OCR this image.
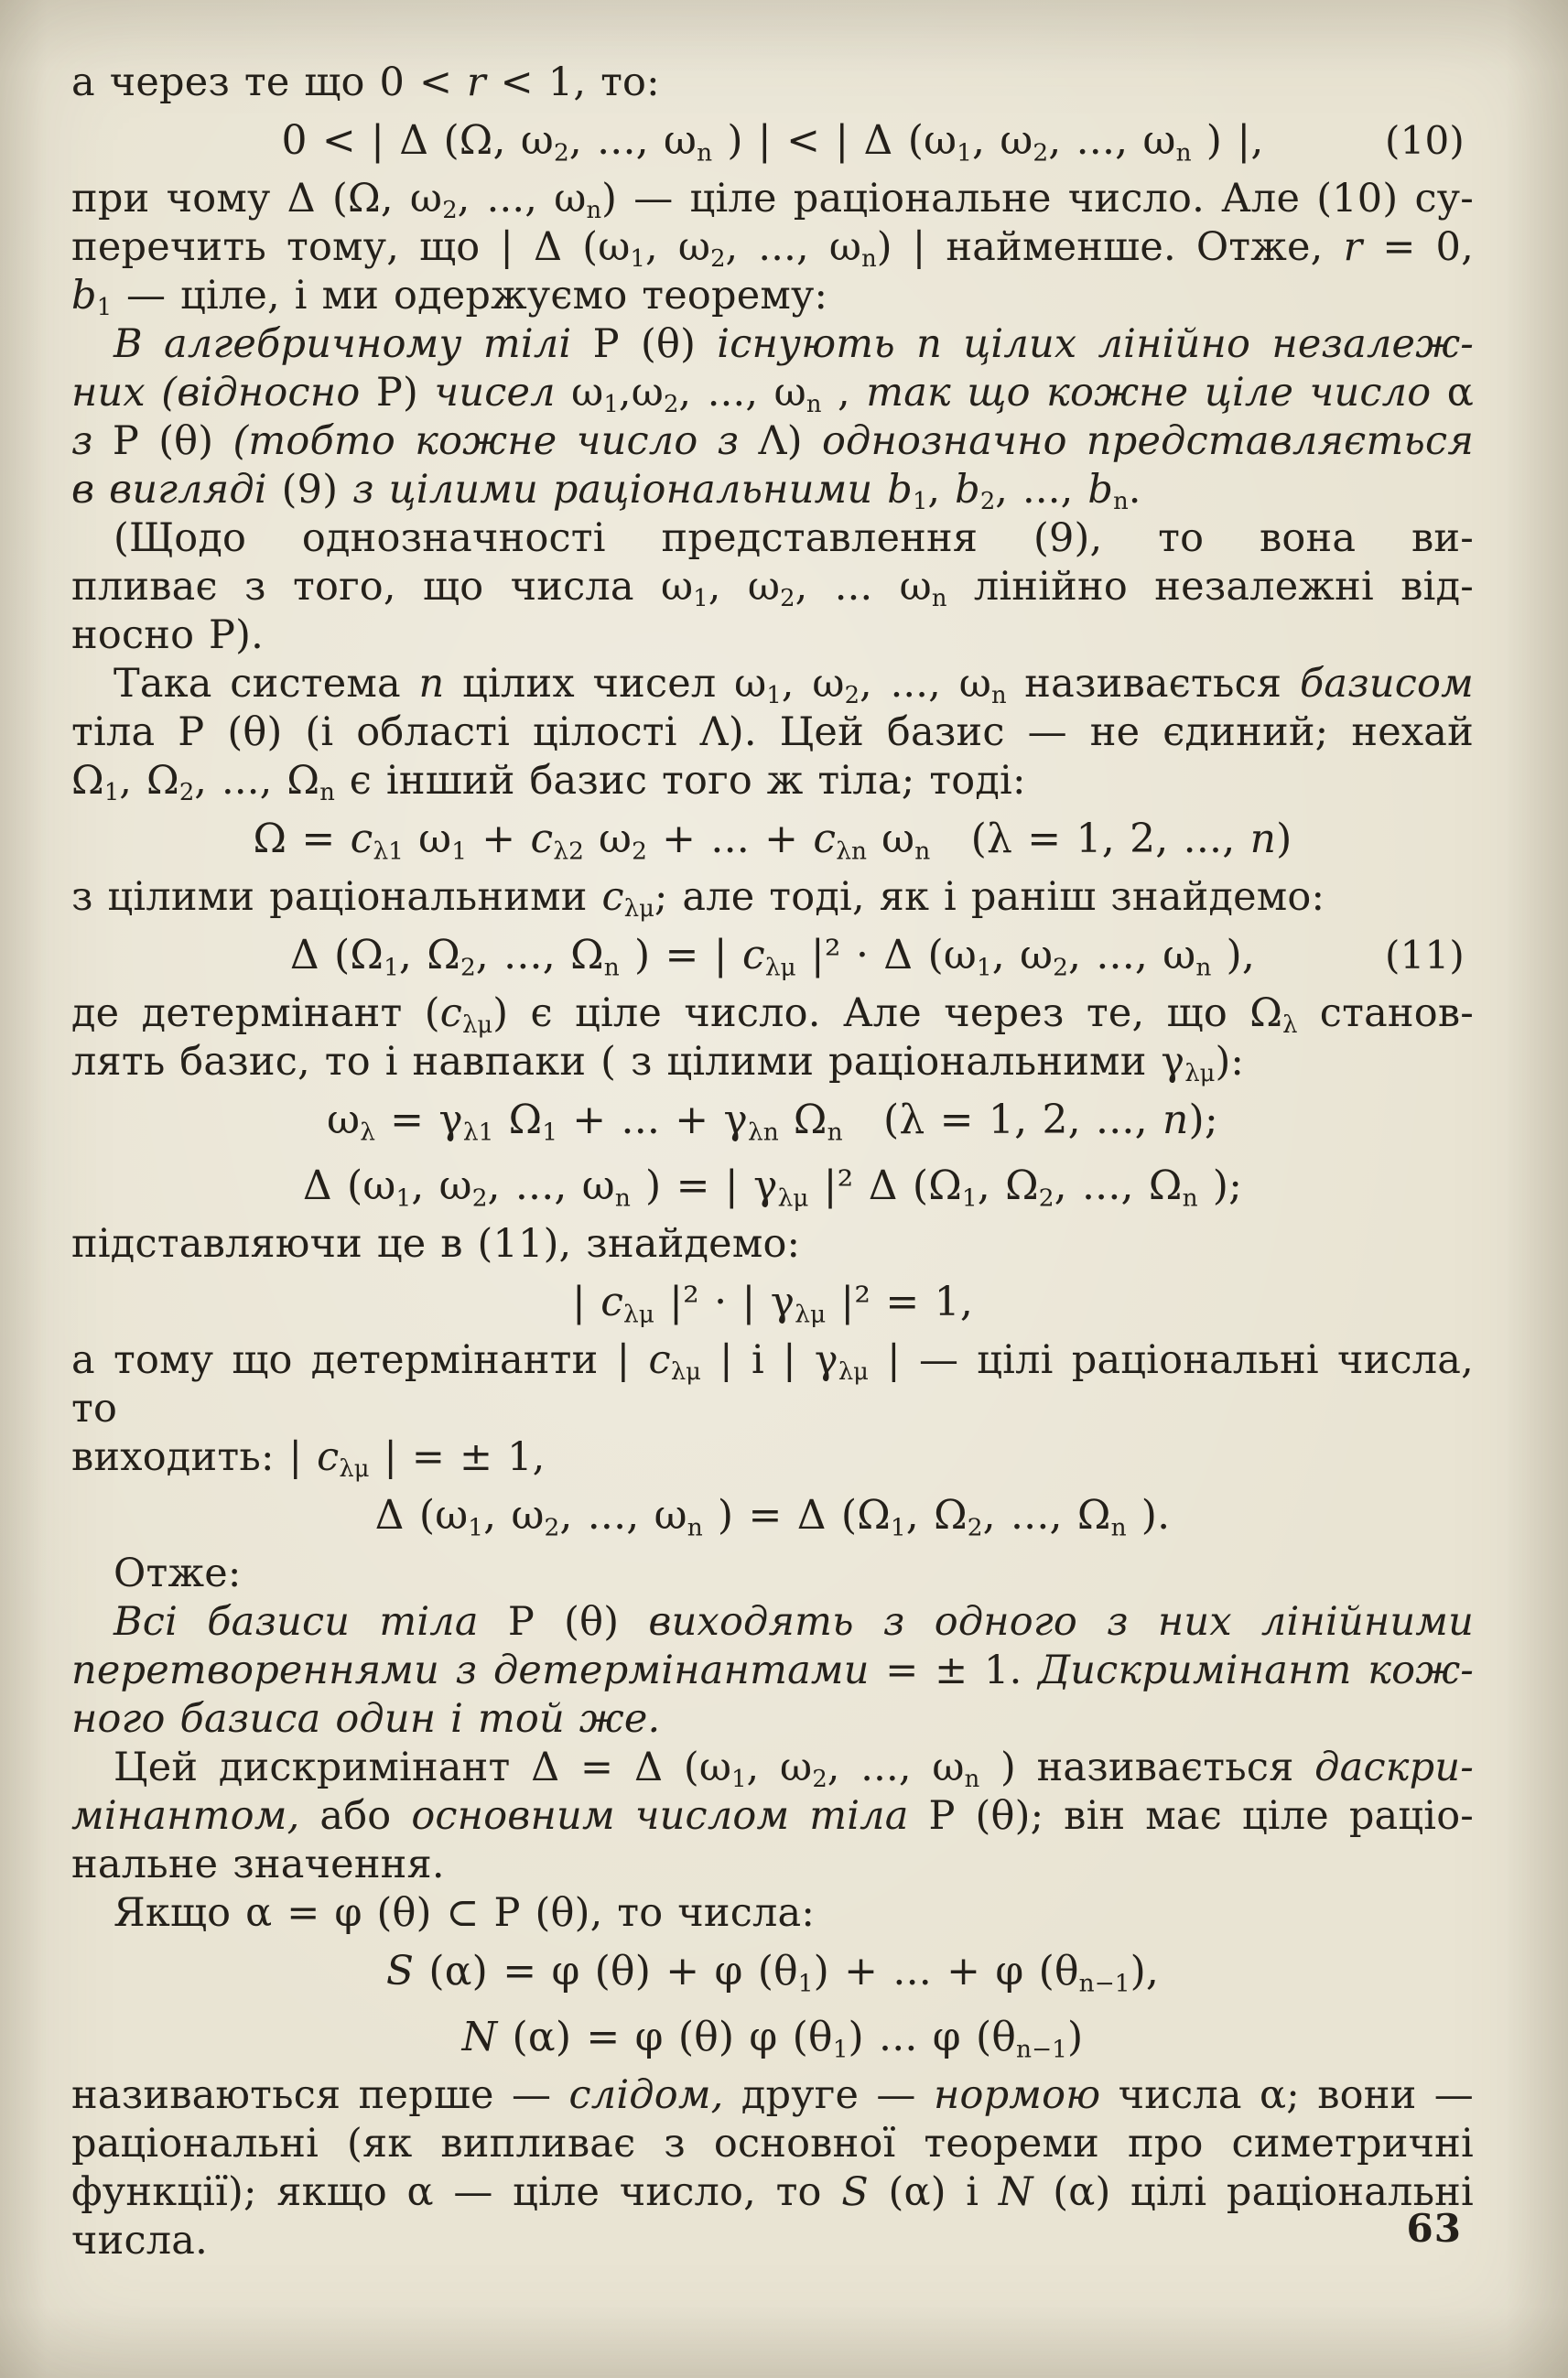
а через те що 0 < r < 1, то:
0 < | Δ (Ω, $\omega_2$, ..., $\omega_n$ ) | < | Δ ($\omega_1$, $\omega_2$, ..., $\omega_n$ ) |,	(10)
при чому Δ (Ω, $\omega_2$, ..., $\omega_n$) — ціле раціональне число. Але (10) су-
перечить тому, що | Δ ($\omega_1$, $\omega_2$, ..., $\omega_n$) | найменше. Отже, r = 0,
$b_1$ — ціле, і ми одержуємо теорему:
В алгебричному тілі P (θ) існують n цілих лінійно незалеж-
них (відносно P) чисел $\omega_1,\omega_2$, ..., $\omega_n$ , так що кожне ціле число α
з P (θ) (тобто кожне число з Λ) однозначно представляється
в вигляді (9) з цілими раціональними $b_1$, $b_2$, ..., $b_n$.
(Щодо однозначності представлення (9), то вона ви-
пливає з того, що числа $\omega_1$, $\omega_2$, ... $\omega_n$ лінійно незалежні від-
носно P).
Така система n цілих чисел $\omega_1$, $\omega_2$, ..., $\omega_n$ називається базисом
тіла P (θ) (і області цілості Λ). Цей базис — не єдиний; нехай
$\Omega_1$, $\Omega_2$, ..., $\Omega_n$ є інший базис того ж тіла; тоді:
$\Omega = c_{\lambda 1}$ $\omega_1 + c_{\lambda 2}$ $\omega_2$ + ... + $c_{\lambda n}$ $\omega_n$  (λ = 1, 2, ..., n)
з цілими раціональними $c_{\lambda\mu}$; але тоді, як і раніш знайдемо:
Δ ($\Omega_1$, $\Omega_2$, ..., $\Omega_n$ ) = | $c_{\lambda\mu}$ |² · Δ ($\omega_1$, $\omega_2$, ..., $\omega_n$ ),	(11)
де детермінант $(c_{\lambda\mu})$ є ціле число. Але через те, що $\Omega_\lambda$ станов-
лять базис, то і навпаки ( з цілими раціональними $\gamma_{\lambda\mu}$):
$\omega_\lambda = \gamma_{\lambda 1}$ $\Omega_1$ + ... + $\gamma_{\lambda n}$ $\Omega_n$  (λ = 1, 2, ..., n);
Δ ($\omega_1$, $\omega_2$, ..., $\omega_n$ ) = | $\gamma_{\lambda\mu}$ |² Δ ($\Omega_1$, $\Omega_2$, ..., $\Omega_n$ );
підставляючи це в (11), знайдемо:
| $c_{\lambda\mu}$ |² · | $\gamma_{\lambda\mu}$ |² = 1,
а тому що детермінанти | $c_{\lambda\mu}$ | і | $\gamma_{\lambda\mu}$ | — цілі раціональні числа, то
виходить: | $c_{\lambda\mu}$ | = ± 1,
Δ ($\omega_1$, $\omega_2$, ..., $\omega_n$ ) = Δ ($\Omega_1$, $\Omega_2$, ..., $\Omega_n$ ).
Отже:
Всі базиси тіла P (θ) виходять з одного з них лінійними
перетвореннями з детермінантами = ± 1. Дискримінант кож-
ного базиса один і той же.
Цей дискримінант Δ = Δ ($\omega_1$, $\omega_2$, ..., $\omega_n$ ) називається даскри-
мінантом, або основним числом тіла P (θ); він має ціле раціо-
нальне значення.
Якщо α = φ (θ) ⊂ P (θ), то числа:
S (α) = φ (θ) + φ $(\theta_1)$ + ... + φ $(\theta_{n-1})$,
N (α) = φ (θ) φ $(\theta_1)$ ... φ $(\theta_{n-1})$
називаються перше — слідом, друге — нормою числа α; вони —
раціональні (як випливає з основної теореми про симетричні
функції); якщо α — ціле число, то S (α) і N (α) цілі раціональні
числа.	63
